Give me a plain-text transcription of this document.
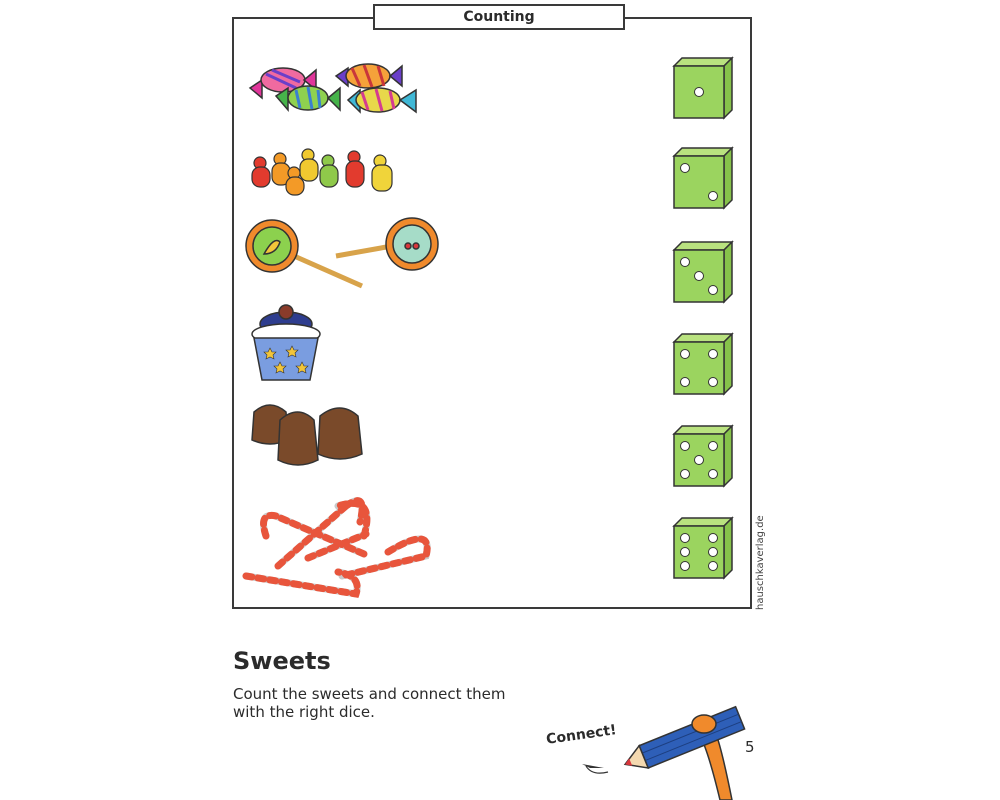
Counting
hauschkaverlag.de
Sweets

Count the sweets and connect them with the right dice.

Connect!	5
